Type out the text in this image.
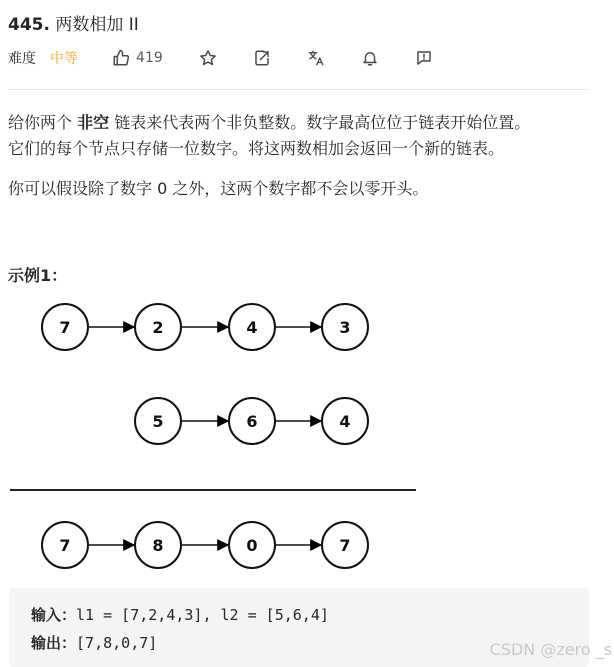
445. 两数相加 II
难度 中等	419
给你两个 非空 链表来代表两个非负整数。数字最高位位于链表开始位置。
它们的每个节点只存储一位数字。将这两数相加会返回一个新的链表。
你可以假设除了数字 0 之外，这两个数字都不会以零开头。
示例1：
7	2	4	3
5	6	4
7	8	0	7
输入：l1 = [7,2,4,3], l2 = [5,6,4]
输出：[7,8,0,7]	CSDN @zero _s
